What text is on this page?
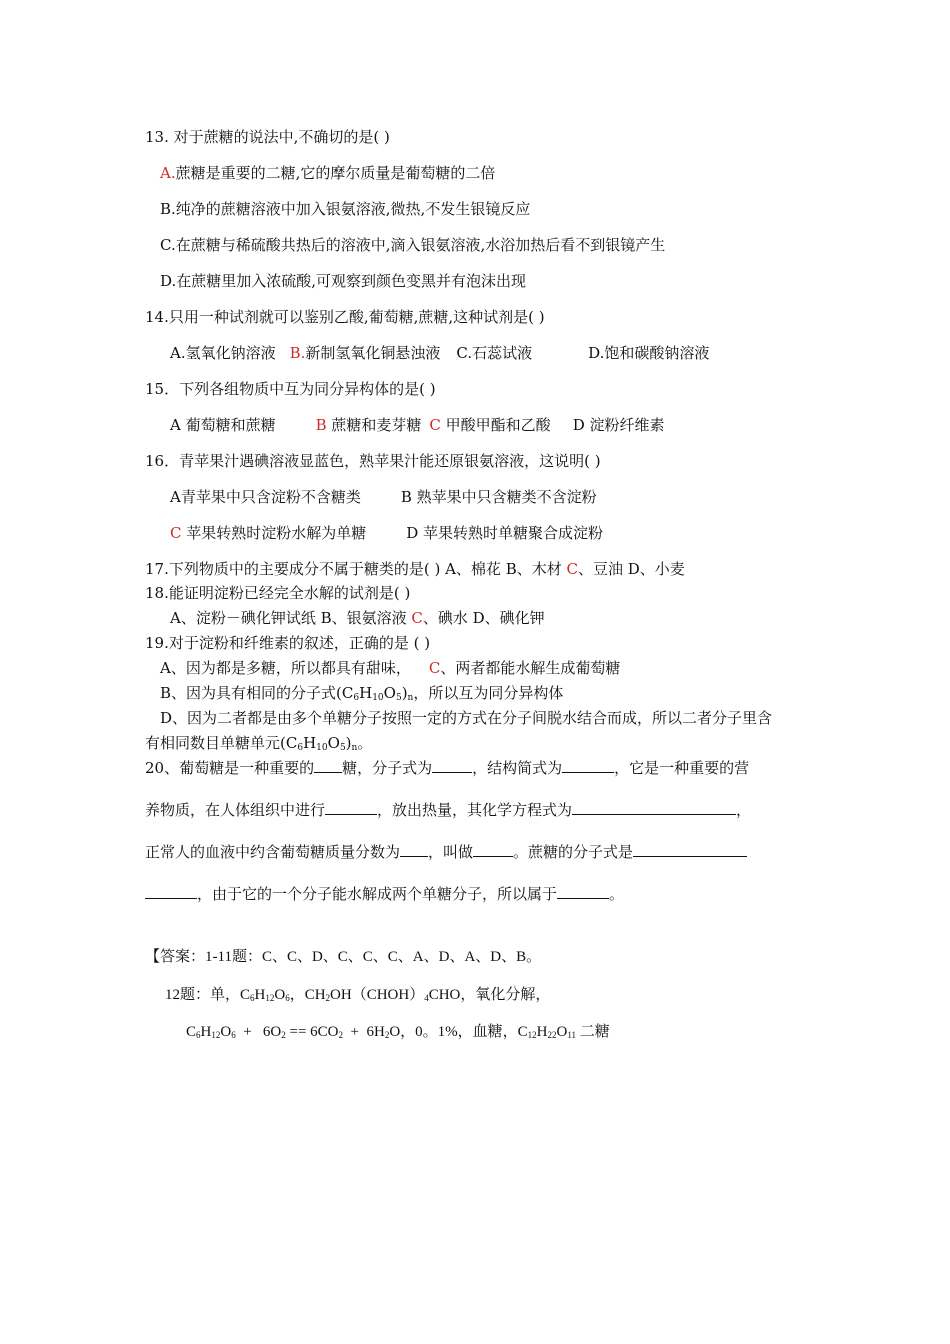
13. 对于蔗糖的说法中,不确切的是( )
A.蔗糖是重要的二糖,它的摩尔质量是葡萄糖的二倍
B.纯净的蔗糖溶液中加入银氨溶液,微热,不发生银镜反应
C.在蔗糖与稀硫酸共热后的溶液中,滴入银氨溶液,水浴加热后看不到银镜产生
D.在蔗糖里加入浓硫酸,可观察到颜色变黑并有泡沫出现
14.只用一种试剂就可以鉴别乙酸,葡萄糖,蔗糖,这种试剂是( )
A.氢氧化钠溶液 B.新制氢氧化铜悬浊液 C.石蕊试液	D.饱和碳酸钠溶液
15．下列各组物质中互为同分异构体的是( )
A 葡萄糖和蔗糖	B 蔗糖和麦芽糖 C 甲酸甲酯和乙酸 D 淀粉纤维素
16．青苹果汁遇碘溶液显蓝色，熟苹果汁能还原银氨溶液，这说明( )
A青苹果中只含淀粉不含糖类	B 熟苹果中只含糖类不含淀粉
C 苹果转熟时淀粉水解为单糖	D 苹果转熟时单糖聚合成淀粉
17.下列物质中的主要成分不属于糖类的是( ) A、棉花 B、木材 C、豆油 D、小麦
18.能证明淀粉已经完全水解的试剂是( )
A、淀粉－碘化钾试纸 B、银氨溶液 C、碘水 D、碘化钾
19.对于淀粉和纤维素的叙述，正确的是 ( )
A、因为都是多糖，所以都具有甜味， C、两者都能水解生成葡萄糖
B、因为具有相同的分子式$(C_6H_{10}O_5)_n$，所以互为同分异构体
D、因为二者都是由多个单糖分子按照一定的方式在分子间脱水结合而成，所以二者分子里含
有相同数目单糖单元$(C_6H_{10}O_5)_n$。
20、葡萄糖是一种重要的 糖，分子式为	，结构简式为	，它是一种重要的营
养物质，在人体组织中进行	，放出热量，其化学方程式为	，
正常人的血液中约含葡萄糖质量分数为 ，叫做	。蔗糖的分子式是
，由于它的一个分子能水解成两个单糖分子，所以属于	。
【答案：1-11题：C、C、D、C、C、C、A、D、A、D、B。
12题：单，$C_6H_{12}O_6$，$CH_2OH(CHOH)_4CHO$，氧化分解，
$C_6H_{12}O_6 + 6O_2 == 6CO_2 + 6H_2O$，0。1%，血糖，$C_{12}H_{22}O_{11}$ 二糖
